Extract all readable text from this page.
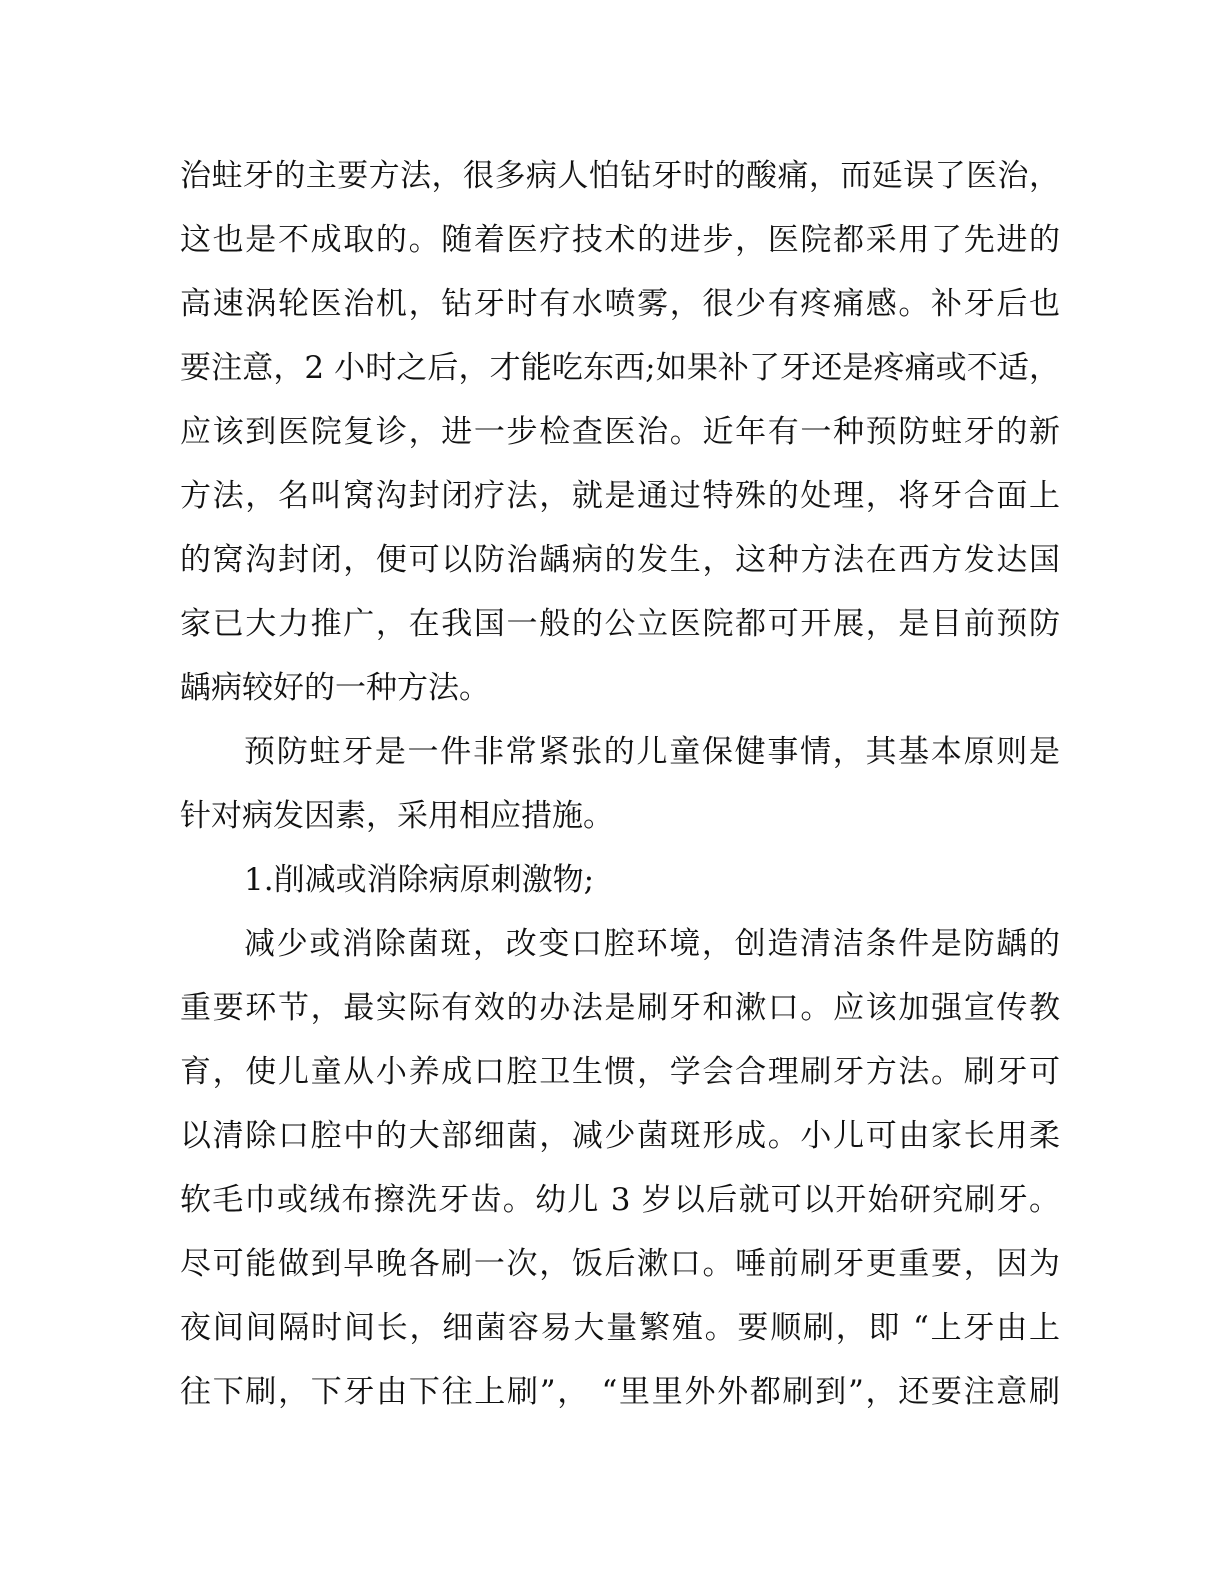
治蛀牙的主要方法，很多病人怕钻牙时的酸痛，而延误了医治，
这也是不成取的。随着医疗技术的进步，医院都采用了先进的
高速涡轮医治机，钻牙时有水喷雾，很少有疼痛感。补牙后也
要注意，2 小时之后，才能吃东西;如果补了牙还是疼痛或不适，
应该到医院复诊，进一步检查医治。近年有一种预防蛀牙的新
方法，名叫窝沟封闭疗法，就是通过特殊的处理，将牙合面上
的窝沟封闭，便可以防治龋病的发生，这种方法在西方发达国
家已大力推广，在我国一般的公立医院都可开展，是目前预防
龋病较好的一种方法。
预防蛀牙是一件非常紧张的儿童保健事情，其基本原则是
针对病发因素，采用相应措施。
1.削减或消除病原刺激物;
减少或消除菌斑，改变口腔环境，创造清洁条件是防龋的
重要环节，最实际有效的办法是刷牙和漱口。应该加强宣传教
育，使儿童从小养成口腔卫生惯，学会合理刷牙方法。刷牙可
以清除口腔中的大部细菌，减少菌斑形成。小儿可由家长用柔
软毛巾或绒布擦洗牙齿。幼儿 3 岁以后就可以开始研究刷牙。
尽可能做到早晚各刷一次，饭后漱口。唾前刷牙更重要，因为
夜间间隔时间长，细菌容易大量繁殖。要顺刷，即 “上牙由上
往下刷，下牙由下往上刷”， “里里外外都刷到”，还要注意刷
